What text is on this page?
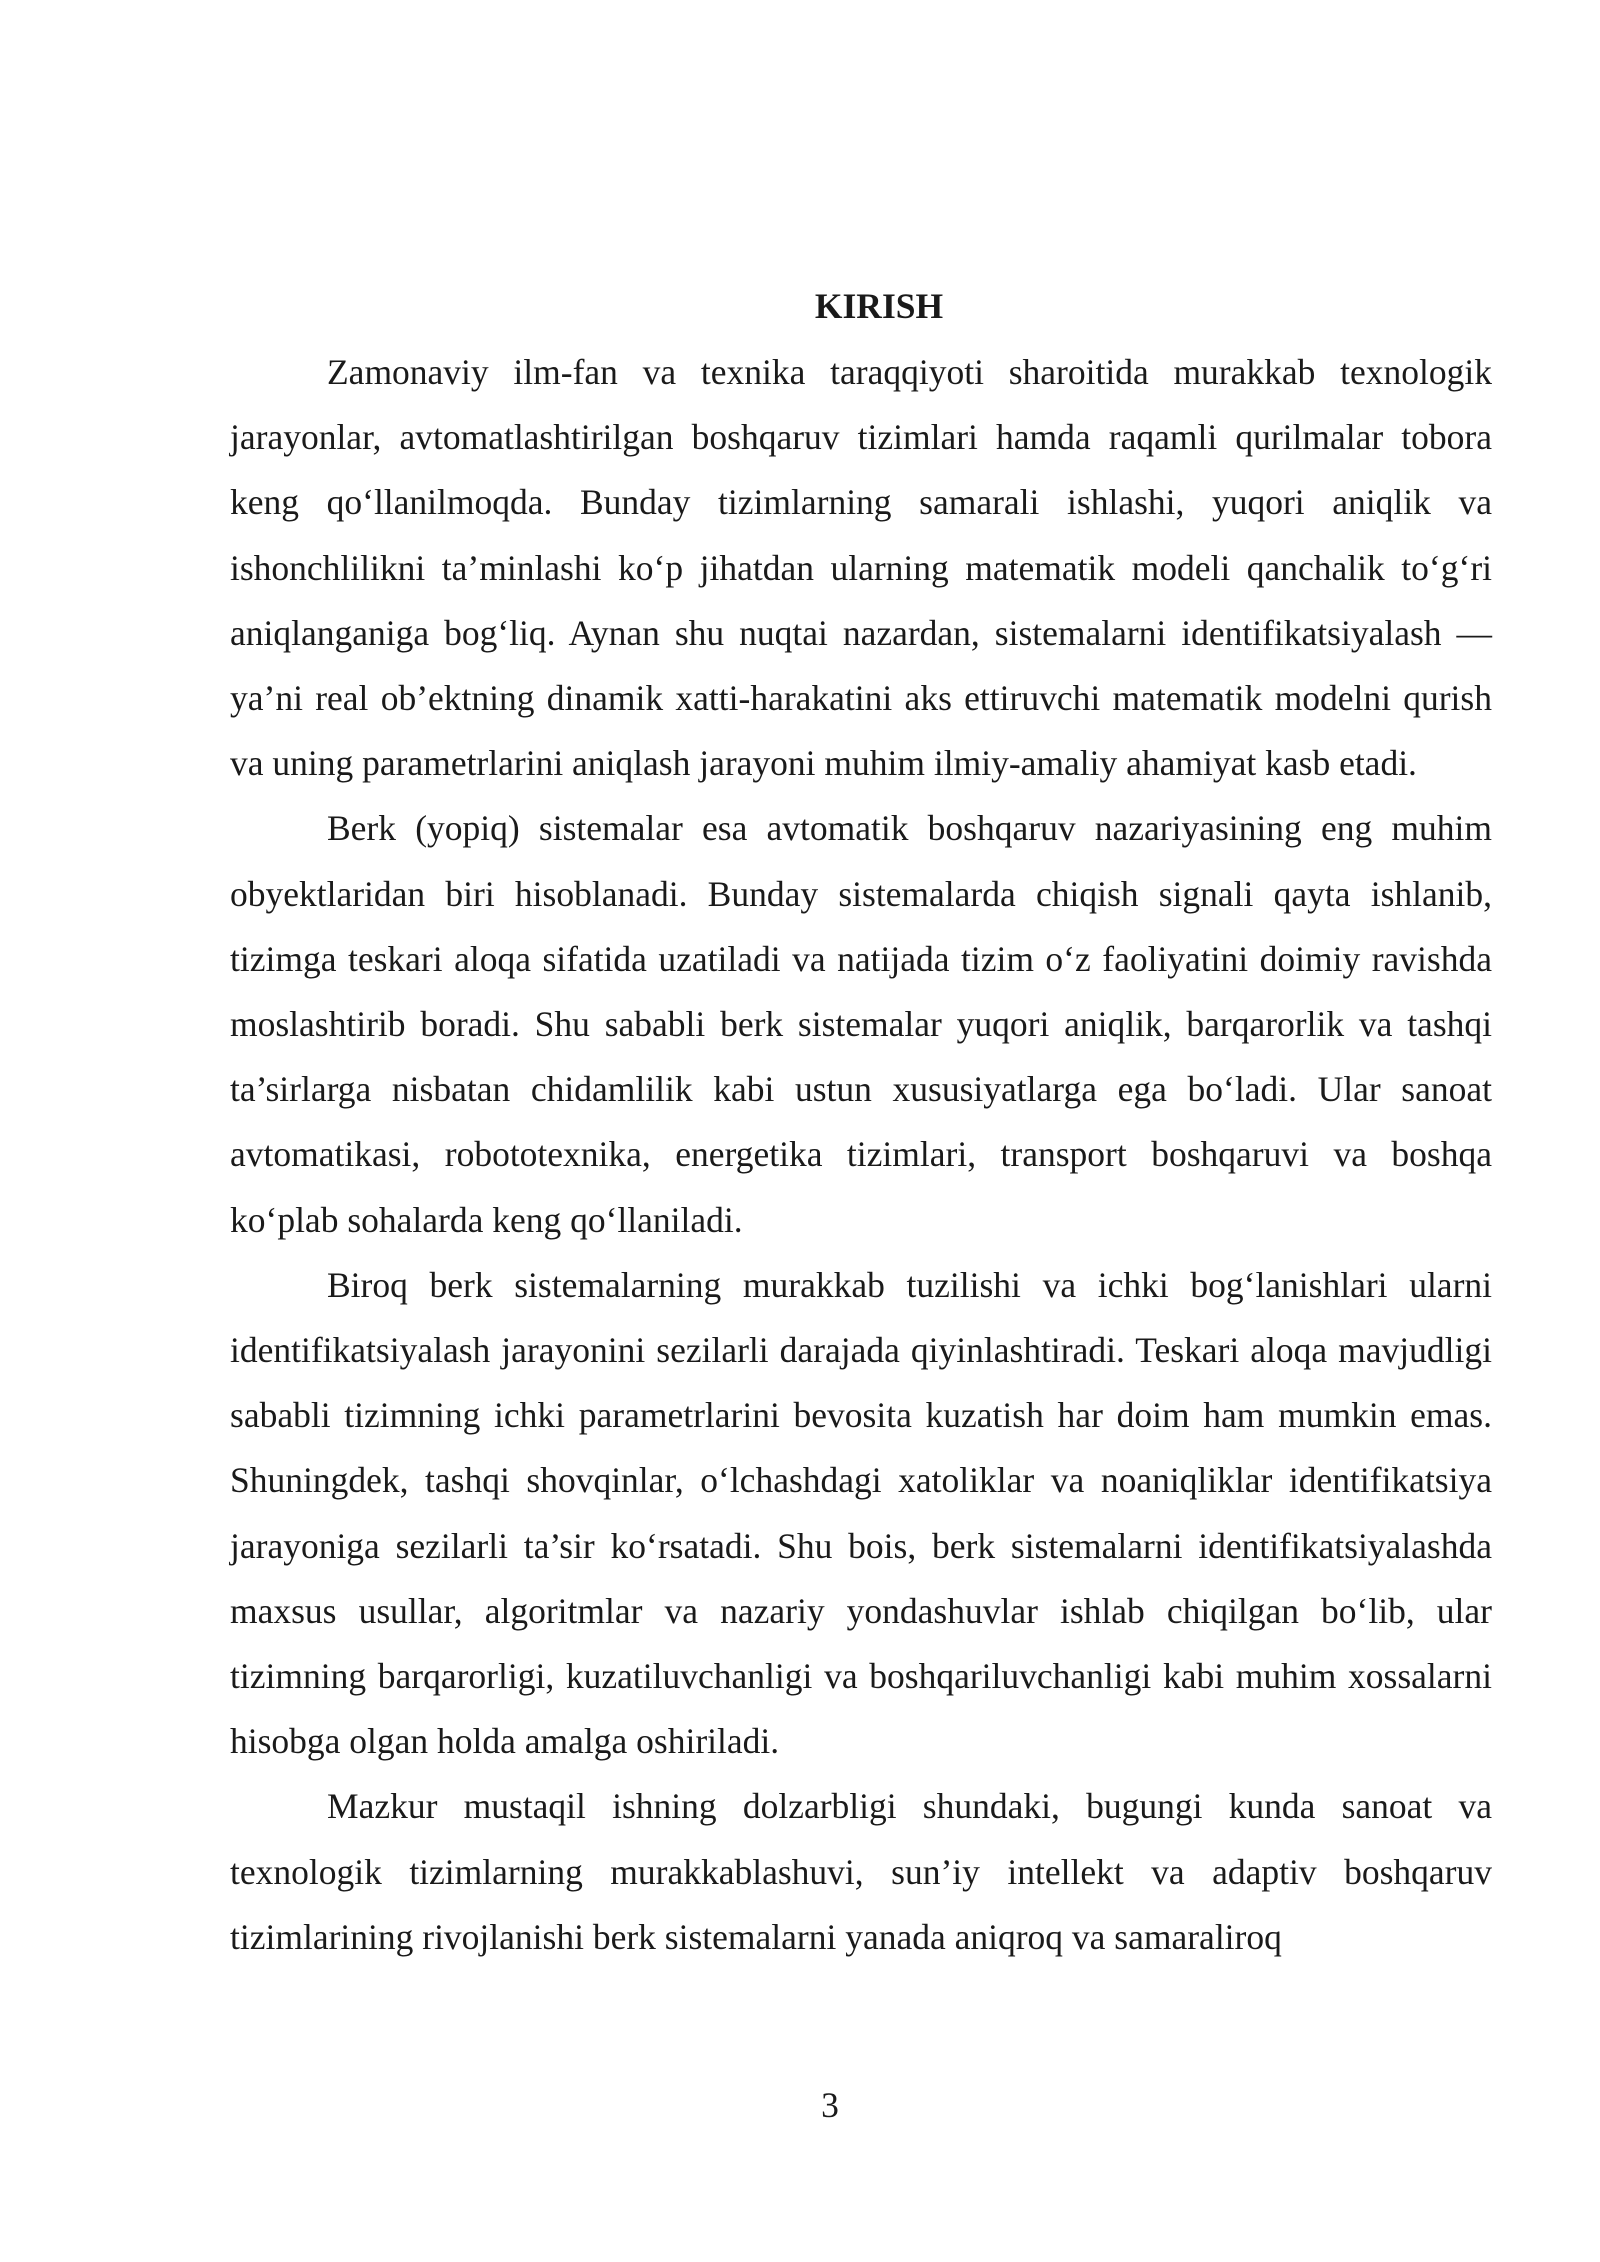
KIRISH

Zamonaviy ilm-fan va texnika taraqqiyoti sharoitida murakkab texnologik jarayonlar, avtomatlashtirilgan boshqaruv tizimlari hamda raqamli qurilmalar tobora keng qo‘llanilmoqda. Bunday tizimlarning samarali ishlashi, yuqori aniqlik va ishonchlilikni ta’minlashi ko‘p jihatdan ularning matematik modeli qanchalik to‘g‘ri aniqlanganiga bog‘liq. Aynan shu nuqtai nazardan, sistemalarni identifikatsiyalash — ya’ni real ob’ektning dinamik xatti-harakatini aks ettiruvchi matematik modelni qurish va uning parametrlarini aniqlash jarayoni muhim ilmiy-amaliy ahamiyat kasb etadi.

Berk (yopiq) sistemalar esa avtomatik boshqaruv nazariyasining eng muhim obyektlaridan biri hisoblanadi. Bunday sistemalarda chiqish signali qayta ishlanib, tizimga teskari aloqa sifatida uzatiladi va natijada tizim o‘z faoliyatini doimiy ravishda moslashtirib boradi. Shu sababli berk sistemalar yuqori aniqlik, barqarorlik va tashqi ta’sirlarga nisbatan chidamlilik kabi ustun xususiyatlarga ega bo‘ladi. Ular sanoat avtomatikasi, robototexnika, energetika tizimlari, transport boshqaruvi va boshqa ko‘plab sohalarda keng qo‘llaniladi.

Biroq berk sistemalarning murakkab tuzilishi va ichki bog‘lanishlari ularni identifikatsiyalash jarayonini sezilarli darajada qiyinlashtiradi. Teskari aloqa mavjudligi sababli tizimning ichki parametrlarini bevosita kuzatish har doim ham mumkin emas. Shuningdek, tashqi shovqinlar, o‘lchashdagi xatoliklar va noaniqliklar identifikatsiya jarayoniga sezilarli ta’sir ko‘rsatadi. Shu bois, berk sistemalarni identifikatsiyalashda maxsus usullar, algoritmlar va nazariy yondashuvlar ishlab chiqilgan bo‘lib, ular tizimning barqarorligi, kuzatiluvchanligi va boshqariluvchanligi kabi muhim xossalarni hisobga olgan holda amalga oshiriladi.

Mazkur mustaqil ishning dolzarbligi shundaki, bugungi kunda sanoat va texnologik tizimlarning murakkablashuvi, sun’iy intellekt va adaptiv boshqaruv tizimlarining rivojlanishi berk sistemalarni yanada aniqroq va samaraliroq

3
